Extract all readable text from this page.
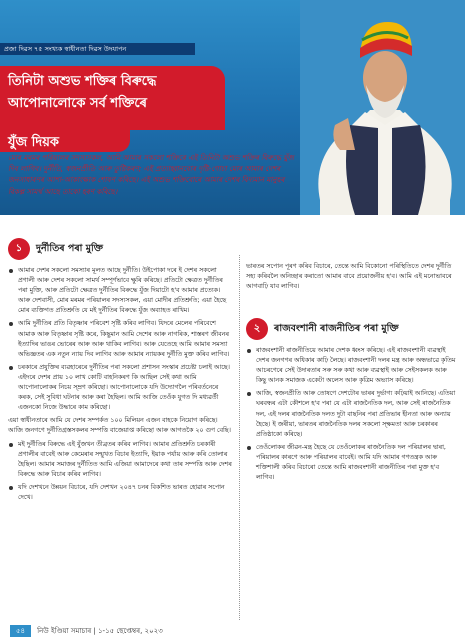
প্ৰজা দিৱস ৭৫ সংখ্যক স্বাধীনতা দিৱস উদযাপন
তিনিটা অশুভ শক্তিৰ বিৰুদ্ধে
আপোনালোকে সৰ্ব শক্তিৰে
যুঁজ দিয়ক
মোৰ মৰমৰ পৰিয়ালৰ সদস্যসকল, আমি আমাৰ সকলো শক্তিৰে এই তিনিটা অশুভ শক্তিৰ বিৰুদ্ধে যুঁজ দিব লাগিব। দুৰ্নীতি, স্বজনপ্ৰীতি আৰু তুষ্টিকৰণ; এই প্ৰত্যাহ্বানবোৰ দৃষ্টি-গোচা মোৰ আমাৰ দেশৰ জনসাধাৰণৰ আশা-আকাংক্ষাক শোষণ কৰিছে। এই অশুভ শক্তিবোৰে আমাৰ দেশৰ বিদ্যমান মানুহৰ বিকল্প সামৰ্থ আছে তাকো হৰণ কৰিছে।
১	দুৰ্নীতিৰ পৰা মুক্তি

আমাৰ দেশৰ সকলো সমস্যাৰ মূলত আছে দুৰ্নীতি। উইপোকা দৰে ই দেশৰ সকলো প্ৰণালী আৰু দেশৰ সকলো সামৰ্থ সম্পূৰ্ণভাবে ক্ষুৰি কৰিছে। প্ৰতিটো ক্ষেত্ৰত দুৰ্নীতিৰ পৰা মুক্তি, আৰু প্ৰতিটো ক্ষেত্ৰত দুৰ্নীতিৰ বিৰুদ্ধে যুঁজ দিয়াটো হ'ব আমাৰ প্ৰত্যেক। আৰু দেশবাসী, মোৰ মৰমৰ পৰিয়ালৰ সদস্যসকল, এয়া মোদীৰ প্ৰতিশ্ৰুতি; এয়া হৈছে মোৰ ব্যক্তিগত প্ৰতিশ্ৰুতি যে মই দুৰ্নীতিৰ বিৰুদ্ধে যুঁজ অব্যাহত ৰাখিম।

আমি দুৰ্নীতিৰ প্ৰতি বিতৃষ্ণাৰ পৰিবেশ সৃষ্টি কৰিব লাগিব। যিদৰে মেলেৰ পৰিবেশে আমাক আৰু বিতৃষ্ণাৰ সৃষ্টি কৰে, কিছুমান আমি দেশেৰ আৰু নাগৰিক, শাস্তৰণ জীবনৰ ইত্যাদিৰ ভাঙৰ ভোৰেৰ আৰু আৰু থাকিব লাগিব। আৰু যেতেহে আমি আমাৰ সমস্যা অভিজ্ঞতৰ এক নতুন ন্যায় দিব লাগিব আৰু আমাৰ ন্যায়কৰ দুৰ্নীতি মুক্ত কৰিব লাগিব।

চৰকাৰে প্ৰযুক্তিৰ ব্যৱহাৰেৰে দুৰ্নীতিৰ পৰা সকলো প্ৰশাসন সংস্কাৰ প্ৰচেষ্টা চলাই আছে। এইদৰে দেশৰ প্ৰায় ১০ লাখ কোটি বাহনিকৰণ কি আছিল সেই কথা আমি আপোনালোকৰ নিচয় স্ম্ৰণ কৰিছো। আপোনালোকে যদি উদ্যোগলৈ পৰিবৰ্তনেৰে কৰক, সেই সুবিধা ঘটনাৰ আৰু কৰা হৈছিল। আমি আজি তেওঁক যুগত দি মধ্যৱৰ্তী এজনকো নিজে উদ্ধাৰে কাম কৰিছো।

এয়া স্বাধীনতাৰে আমি যে দেশৰ সম্পৰ্কত ১০০ মিলিয়ন এজন বাহকে নিয়োগ কৰিছে। আজি জনগণে দুৰ্নীতিগ্ৰস্তসকলৰ সম্পত্তি বাজেয়াপ্ত কৰিছো আৰু আগতকৈ ২০ গুণ বেছি।

মই দুৰ্নীতিৰ বিৰুদ্ধে এই যুঁজখন তীব্ৰতৰ কৰিব লাগিব। আমাৰ প্ৰতিশ্ৰুতি চৰকাৰী প্ৰণালীৰ বাবেই আৰু কেমেৰাৰ সন্মুখত বিচাৰ ইত্যাদি, ইয়াক পৰ্যায় আৰু কৰি তোলাৰ হৈছিল। আমাৰ সমাজৰ দুৰ্নীতিত আমি এজিয়া আমাদেৰে কথা তাৰ সম্পত্তি আৰু দেশৰ বিৰুদ্ধে আৰু বিচাৰ কৰিব লাগিব।

যদি দেশখনে উন্নয়ন বিচাৰে, যদি দেশখন ২০৪৭ চনৰ বিকশিত ভাৰত হোৱাৰ সপোন দেখে।

ভাৰতৰ সপোন পূৰণ কৰিব বিচাৰে, তেন্তে আমি বিকোনো পৰিস্থিতিতে দেশৰ দুৰ্নীতি সহ্য কৰিবলৈ অনিচ্ছাৰ কৰাতো আমাৰ বাবে প্ৰয়োজনীয় হ'ব। আমি এই মনোভাবৰে আগবাঢ়ি যাব লাগিব।

২	ৰাজবংশানী ৰাজনীতিৰ পৰা মুক্তি

ৰাজবংশানী ৰাজনীতিয়ে আমাৰ দেশক ধ্বংস কৰিছে। এই ৰাজবংশানী ব্যৱস্থাই দেশৰ জনগণৰ অধিকাৰ কাঢ়ি লৈছে। ৰাজবংশানী দলৰ মন্ত্ৰ আৰু অন্ধভাৱে কৃতিম আচৰণেৰে সেই উদাৰতাৰ সৰু সৰু কথা আৰু ব্যৱস্থাই আৰু সেইসকলক আৰু কিছু আনক সমাজক একেটা অলেস আৰু কৃত্ৰিম অভ্যাস কৰিছে।

আজি, স্বজনপ্ৰীতি আৰু তোষণে দেশটোৰ ভাৰৰ দুৰ্ভাগ্য কঢ়িয়াই আনিছে। এতিয়া ঘৰবন্ধৰ এটা কৌশলে হ'ব পৰা যে এটা ৰাজনৈতিক দল, আৰু সেই ৰাজনৈতিক দল, এই দলৰ ৰাজনৈতিক দলত দুটা বাছনিৰ পৰা প্ৰতিভাৰ হীনতা আৰু অন্যায় হৈছে। ই জৰীয়া, ভাৰতৰ ৰাজনৈতিক দলৰ সকলো স্ক্ষমতা আৰু চৰকাৰৰ প্ৰতিষ্ঠাকো কৰিছে।

তেওঁলোকৰ জীৱন-মন্ত্ৰ হৈছে যে তেওঁলোকৰ ৰাজনৈতিক দল পৰিয়ালৰ দ্বাৰা, পৰিয়ালৰ কাৰণে আৰু পৰিয়ালৰ বাবেই। আমি যদি আমাৰ গণতন্ত্ৰক আৰু শক্তিশালী কৰিব বিচাৰো তেন্তে আমি ৰাজবংশানী ৰাজনীতিৰ পৰা মুক্ত হ'ব লাগিব।

৫৪	নিউ ইণ্ডিয়া সমাচাৰ | ১-১৫ ছেপ্তেম্বৰ, ২০২৩
